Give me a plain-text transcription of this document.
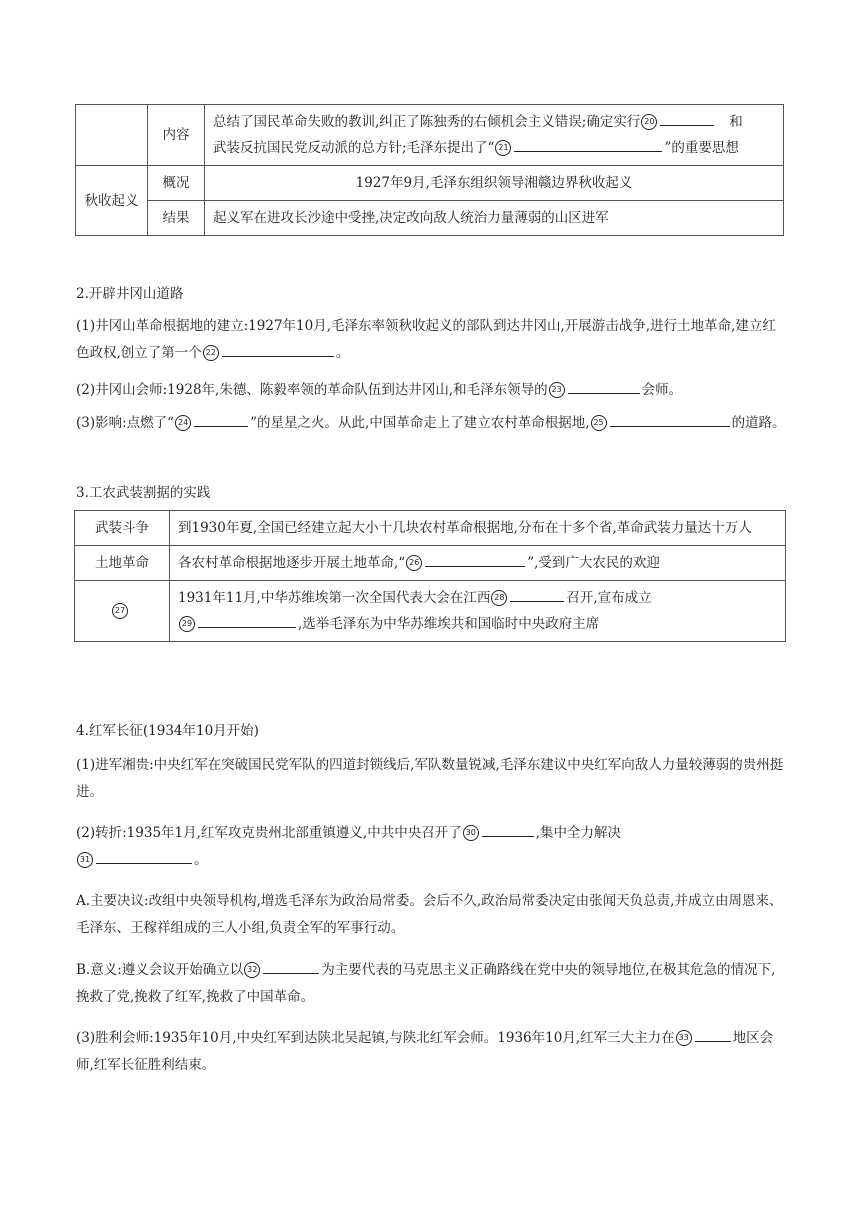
	内容	总结了国民革命失败的教训,纠正了陈独秀的右倾机会主义错误;确定实行 20 和
武装反抗国民党反动派的总方针;毛泽东提出了“ 21 ”的重要思想
秋收起义	概况	1927年9月,毛泽东组织领导湘赣边界秋收起义
	结果	起义军在进攻长沙途中受挫,决定改向敌人统治力量薄弱的山区进军

2.开辟井冈山道路

(1)井冈山革命根据地的建立:1927年10月,毛泽东率领秋收起义的部队到达井冈山,开展游击战争,进行土地革命,建立红色政权,创立了第一个 22	。

(2)井冈山会师:1928年,朱德、陈毅率领的革命队伍到达井冈山,和毛泽东领导的 23	会师。

(3)影响:点燃了“ 24	”的星星之火。从此,中国革命走上了建立农村革命根据地, 25	的道路。

3.工农武装割据的实践

武装斗争	到1930年夏,全国已经建立起大小十几块农村革命根据地,分布在十多个省,革命武装力量达十万人
土地革命	各农村革命根据地逐步开展土地革命,“ 26 ”,受到广大农民的欢迎
27	1931年11月,中华苏维埃第一次全国代表大会在江西 28 召开,宣布成立
29 ,选举毛泽东为中华苏维埃共和国临时中央政府主席

4.红军长征(1934年10月开始)

(1)进军湘贵:中央红军在突破国民党军队的四道封锁线后,军队数量锐减,毛泽东建议中央红军向敌人力量较薄弱的贵州挺进。

(2)转折:1935年1月,红军攻克贵州北部重镇遵义,中共中央召开了 30	,集中全力解决
31	。

A.主要决议:改组中央领导机构,增选毛泽东为政治局常委。会后不久,政治局常委决定由张闻天负总责,并成立由周恩来、毛泽东、王稼祥组成的三人小组,负责全军的军事行动。

B.意义:遵义会议开始确立以 32	为主要代表的马克思主义正确路线在党中央的领导地位,在极其危急的情况下,挽救了党,挽救了红军,挽救了中国革命。

(3)胜利会师:1935年10月,中央红军到达陕北吴起镇,与陕北红军会师。1936年10月,红军三大主力在 33	地区会师,红军长征胜利结束。
